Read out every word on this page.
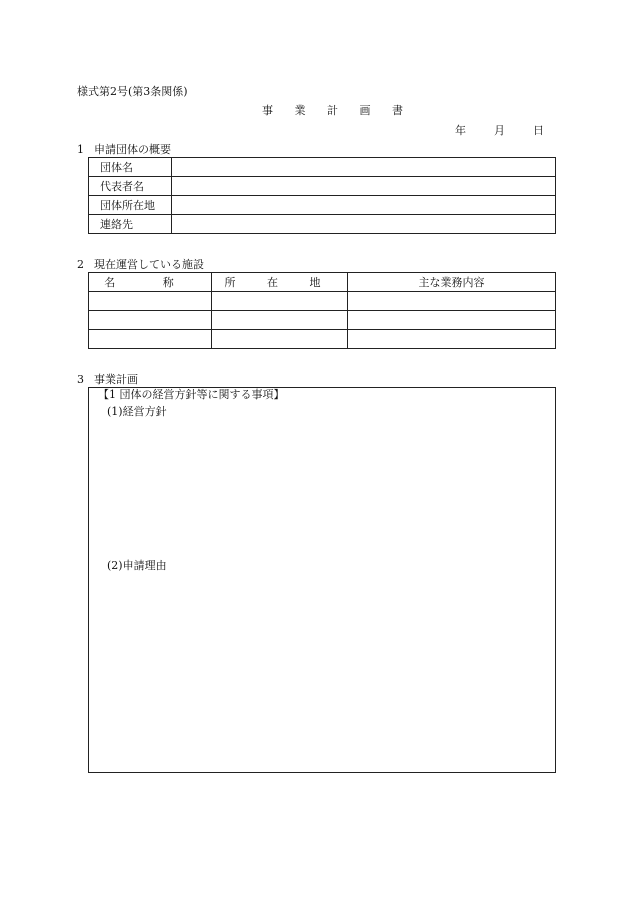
様式第2号(第3条関係)
事 業 計 画 書
年	月	日
1 申請団体の概要
団体名	
代表者名	
団体所在地	
連絡先	
2 現在運営している施設
名 称	所 在 地	主な業務内容

3 事業計画
【1 団体の経営方針等に関する事項】
(1)経営方針
(2)申請理由
